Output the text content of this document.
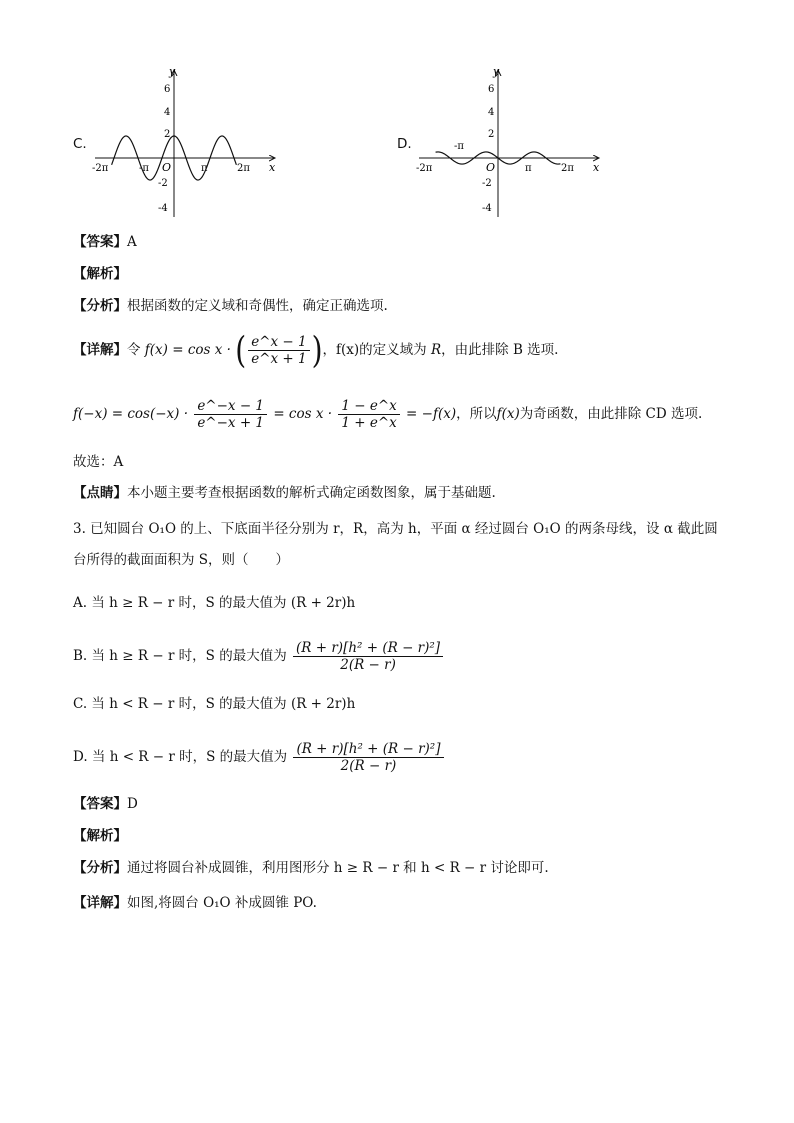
C.
y
x
O
6
4
2
-2
-4
-2π	-π	π	2π
D.
y
x
O
6
4
2
-2
-4
-2π
-π
π	2π
【答案】A
【解析】
【分析】根据函数的定义域和奇偶性，确定正确选项.
【详解】令 f(x) = cos x · ( $\frac{e\^{}x - 1}{e\^{}x + 1}$ )，f(x)的定义域为 R，由此排除 B 选项.
$f(-x) = \cos(-x) \cdot \frac{e\^{}-x - 1}{e\^{}-x + 1} = \cos x \cdot \frac{1 - e\^{}x}{1 + e\^{}x} = -f(x)$，所以f(x)为奇函数，由此排除 CD 选项.
故选：A
【点睛】本小题主要考查根据函数的解析式确定函数图象，属于基础题.
3. 已知圆台 O₁O 的上、下底面半径分别为 r，R，高为 h，平面 α 经过圆台 O₁O 的两条母线，设 α 截此圆
台所得的截面面积为 S，则（　　）
A. 当 h ≥ R − r 时，S 的最大值为 (R + 2r)h
B. 当 h ≥ R − r 时，S 的最大值为 $\frac{\text{(R + r)[h² + (R − r)²]}}{2(R - r)}$
C. 当 h < R − r 时，S 的最大值为 (R + 2r)h
D. 当 h < R − r 时，S 的最大值为 $\frac{\text{(R + r)[h² + (R − r)²]}}{2(R - r)}$
【答案】D
【解析】
【分析】通过将圆台补成圆锥，利用图形分 h ≥ R − r 和 h < R − r 讨论即可.
【详解】如图,将圆台 O₁O 补成圆锥 PO.
